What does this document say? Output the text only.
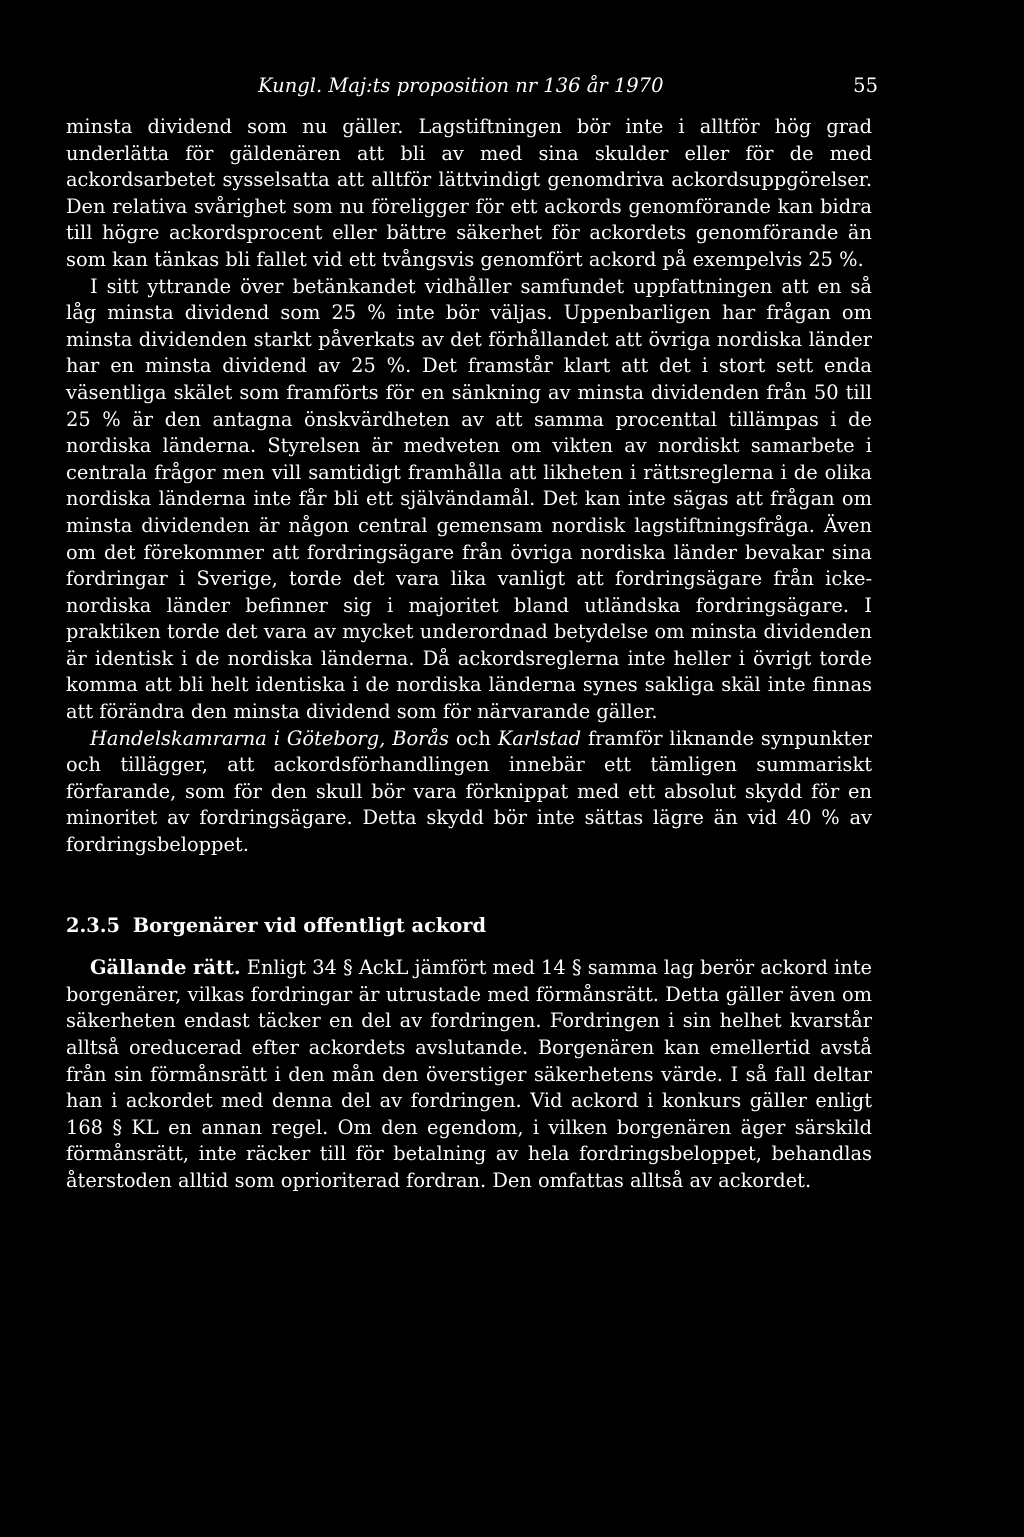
Kungl. Maj:ts proposition nr 136 år 1970	55

minsta dividend som nu gäller. Lagstiftningen bör inte i alltför hög grad underlätta för gäldenären att bli av med sina skulder eller för de med ackordsarbetet sysselsatta att alltför lättvindigt genomdriva ackordsuppgörelser. Den relativa svårighet som nu föreligger för ett ackords genomförande kan bidra till högre ackordsprocent eller bättre säkerhet för ackordets genomförande än som kan tänkas bli fallet vid ett tvångsvis genomfört ackord på exempelvis 25 %.

I sitt yttrande över betänkandet vidhåller samfundet uppfattningen att en så låg minsta dividend som 25 % inte bör väljas. Uppenbarligen har frågan om minsta dividenden starkt påverkats av det förhållandet att övriga nordiska länder har en minsta dividend av 25 %. Det framstår klart att det i stort sett enda väsentliga skälet som framförts för en sänkning av minsta dividenden från 50 till 25 % är den antagna önskvärdheten av att samma procenttal tillämpas i de nordiska länderna. Styrelsen är medveten om vikten av nordiskt samarbete i centrala frågor men vill samtidigt framhålla att likheten i rättsreglerna i de olika nordiska länderna inte får bli ett självändamål. Det kan inte sägas att frågan om minsta dividenden är någon central gemensam nordisk lagstiftningsfråga. Även om det förekommer att fordringsägare från övriga nordiska länder bevakar sina fordringar i Sverige, torde det vara lika vanligt att fordringsägare från icke-nordiska länder befinner sig i majoritet bland utländska fordringsägare. I praktiken torde det vara av mycket underordnad betydelse om minsta dividenden är identisk i de nordiska länderna. Då ackordsreglerna inte heller i övrigt torde komma att bli helt identiska i de nordiska länderna synes sakliga skäl inte finnas att förändra den minsta dividend som för närvarande gäller.

Handelskamrarna i Göteborg, Borås och Karlstad framför liknande synpunkter och tillägger, att ackordsförhandlingen innebär ett tämligen summariskt förfarande, som för den skull bör vara förknippat med ett absolut skydd för en minoritet av fordringsägare. Detta skydd bör inte sättas lägre än vid 40 % av fordringsbeloppet.

2.3.5 Borgenärer vid offentligt ackord

Gällande rätt. Enligt 34 § AckL jämfört med 14 § samma lag berör ackord inte borgenärer, vilkas fordringar är utrustade med förmånsrätt. Detta gäller även om säkerheten endast täcker en del av fordringen. Fordringen i sin helhet kvarstår alltså oreducerad efter ackordets avslutande. Borgenären kan emellertid avstå från sin förmånsrätt i den mån den överstiger säkerhetens värde. I så fall deltar han i ackordet med denna del av fordringen. Vid ackord i konkurs gäller enligt 168 § KL en annan regel. Om den egendom, i vilken borgenären äger särskild förmånsrätt, inte räcker till för betalning av hela fordringsbeloppet, behandlas återstoden alltid som oprioriterad fordran. Den omfattas alltså av ackordet.
